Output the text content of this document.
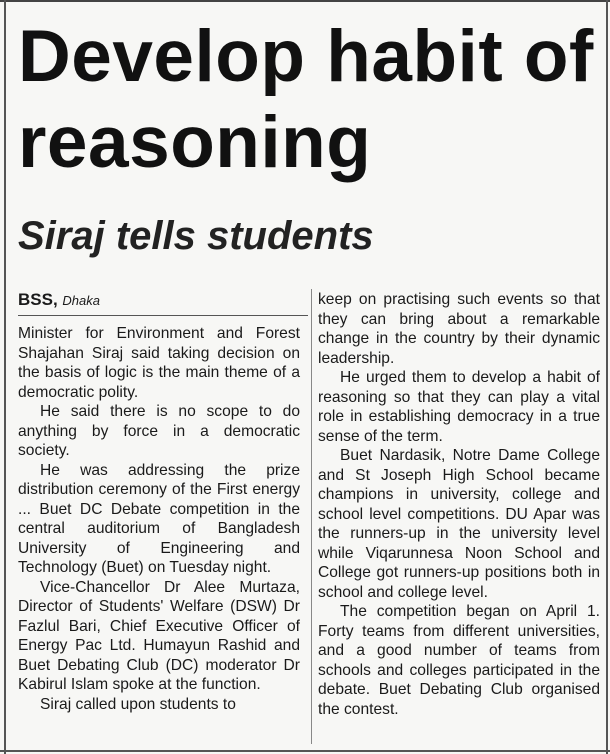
Develop habit of
reasoning
Siraj tells students
BSS, Dhaka

Minister for Environment and Forest Shajahan Siraj said taking decision on the basis of logic is the main theme of a democratic polity.

He said there is no scope to do anything by force in a democratic society.

He was addressing the prize distribution ceremony of the First energy ... Buet DC Debate competition in the central auditorium of Bangladesh University of Engineering and Technology (Buet) on Tuesday night.

Vice-Chancellor Dr Alee Murtaza, Director of Students' Welfare (DSW) Dr Fazlul Bari, Chief Executive Officer of Energy Pac Ltd. Humayun Rashid and Buet Debating Club (DC) moderator Dr Kabirul Islam spoke at the function.

Siraj called upon students to

keep on practising such events so that they can bring about a remarkable change in the country by their dynamic leadership.

He urged them to develop a habit of reasoning so that they can play a vital role in establishing democracy in a true sense of the term.

Buet Nardasik, Notre Dame College and St Joseph High School became champions in university, college and school level competitions. DU Apar was the runners-up in the university level while Viqarunnesa Noon School and College got runners-up positions both in school and college level.

The competition began on April 1. Forty teams from different universities, and a good number of teams from schools and colleges participated in the debate. Buet Debating Club organised the contest.
